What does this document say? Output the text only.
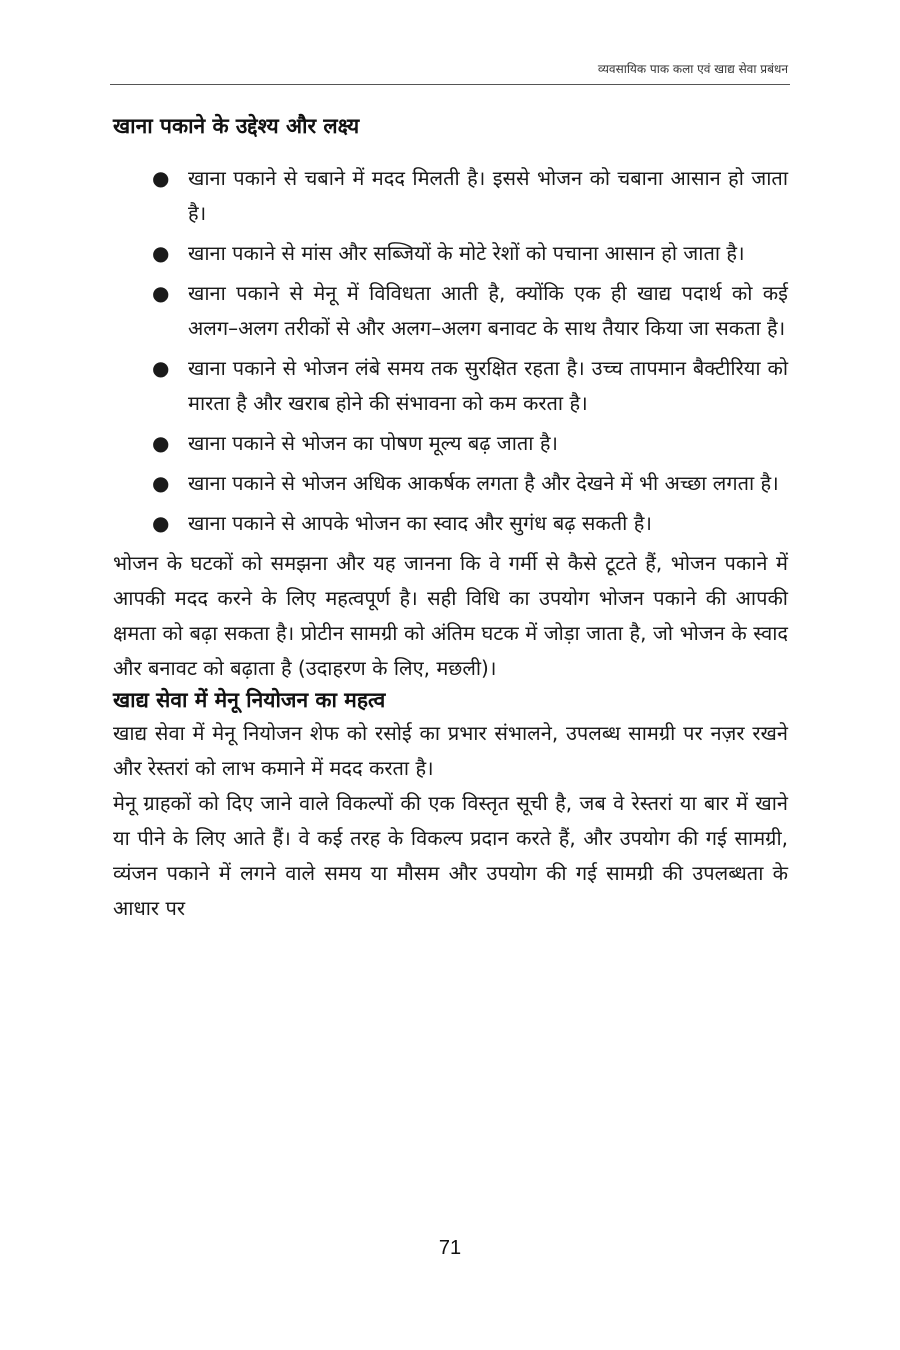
व्यवसायिक पाक कला एवं खाद्य सेवा प्रबंधन
खाना पकाने के उद्देश्य और लक्ष्य
● खाना पकाने से चबाने में मदद मिलती है। इससे भोजन को चबाना आसान हो जाता है।
● खाना पकाने से मांस और सब्जियों के मोटे रेशों को पचाना आसान हो जाता है।
● खाना पकाने से मेनू में विविधता आती है, क्योंकि एक ही खाद्य पदार्थ को कई अलग–अलग तरीकों से और अलग–अलग बनावट के साथ तैयार किया जा सकता है।
● खाना पकाने से भोजन लंबे समय तक सुरक्षित रहता है। उच्च तापमान बैक्टीरिया को मारता है और खराब होने की संभावना को कम करता है।
● खाना पकाने से भोजन का पोषण मूल्य बढ़ जाता है।
● खाना पकाने से भोजन अधिक आकर्षक लगता है और देखने में भी अच्छा लगता है।
● खाना पकाने से आपके भोजन का स्वाद और सुगंध बढ़ सकती है।

भोजन के घटकों को समझना और यह जानना कि वे गर्मी से कैसे टूटते हैं, भोजन पकाने में आपकी मदद करने के लिए महत्वपूर्ण है। सही विधि का उपयोग भोजन पकाने की आपकी क्षमता को बढ़ा सकता है। प्रोटीन सामग्री को अंतिम घटक में जोड़ा जाता है, जो भोजन के स्वाद और बनावट को बढ़ाता है (उदाहरण के लिए, मछली)।

खाद्य सेवा में मेनू नियोजन का महत्व

खाद्य सेवा में मेनू नियोजन शेफ को रसोई का प्रभार संभालने, उपलब्ध सामग्री पर नज़र रखने और रेस्तरां को लाभ कमाने में मदद करता है।

मेनू ग्राहकों को दिए जाने वाले विकल्पों की एक विस्तृत सूची है, जब वे रेस्तरां या बार में खाने या पीने के लिए आते हैं। वे कई तरह के विकल्प प्रदान करते हैं, और उपयोग की गई सामग्री, व्यंजन पकाने में लगने वाले समय या मौसम और उपयोग की गई सामग्री की उपलब्धता के आधार पर

71
